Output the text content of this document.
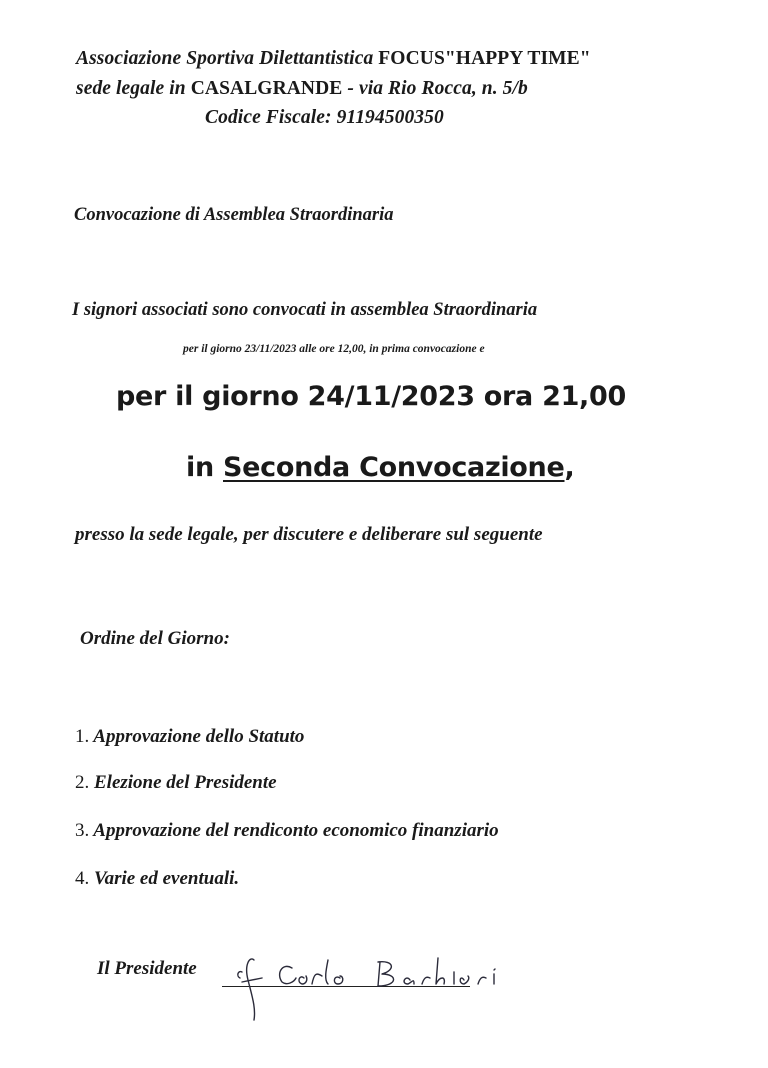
Associazione Sportiva Dilettantistica FOCUS"HAPPY TIME"
sede legale in CASALGRANDE - via Rio Rocca, n. 5/b
Codice Fiscale: 91194500350
Convocazione di Assemblea Straordinaria
I signori associati sono convocati in assemblea Straordinaria
per il giorno 23/11/2023 alle ore 12,00, in prima convocazione e
per il giorno 24/11/2023 ora 21,00
in Seconda Convocazione,
presso la sede legale, per discutere e deliberare sul seguente
Ordine del Giorno:
1. Approvazione dello Statuto
2. Elezione del Presidente
3. Approvazione del rendiconto economico finanziario
4. Varie ed eventuali.
Il Presidente
